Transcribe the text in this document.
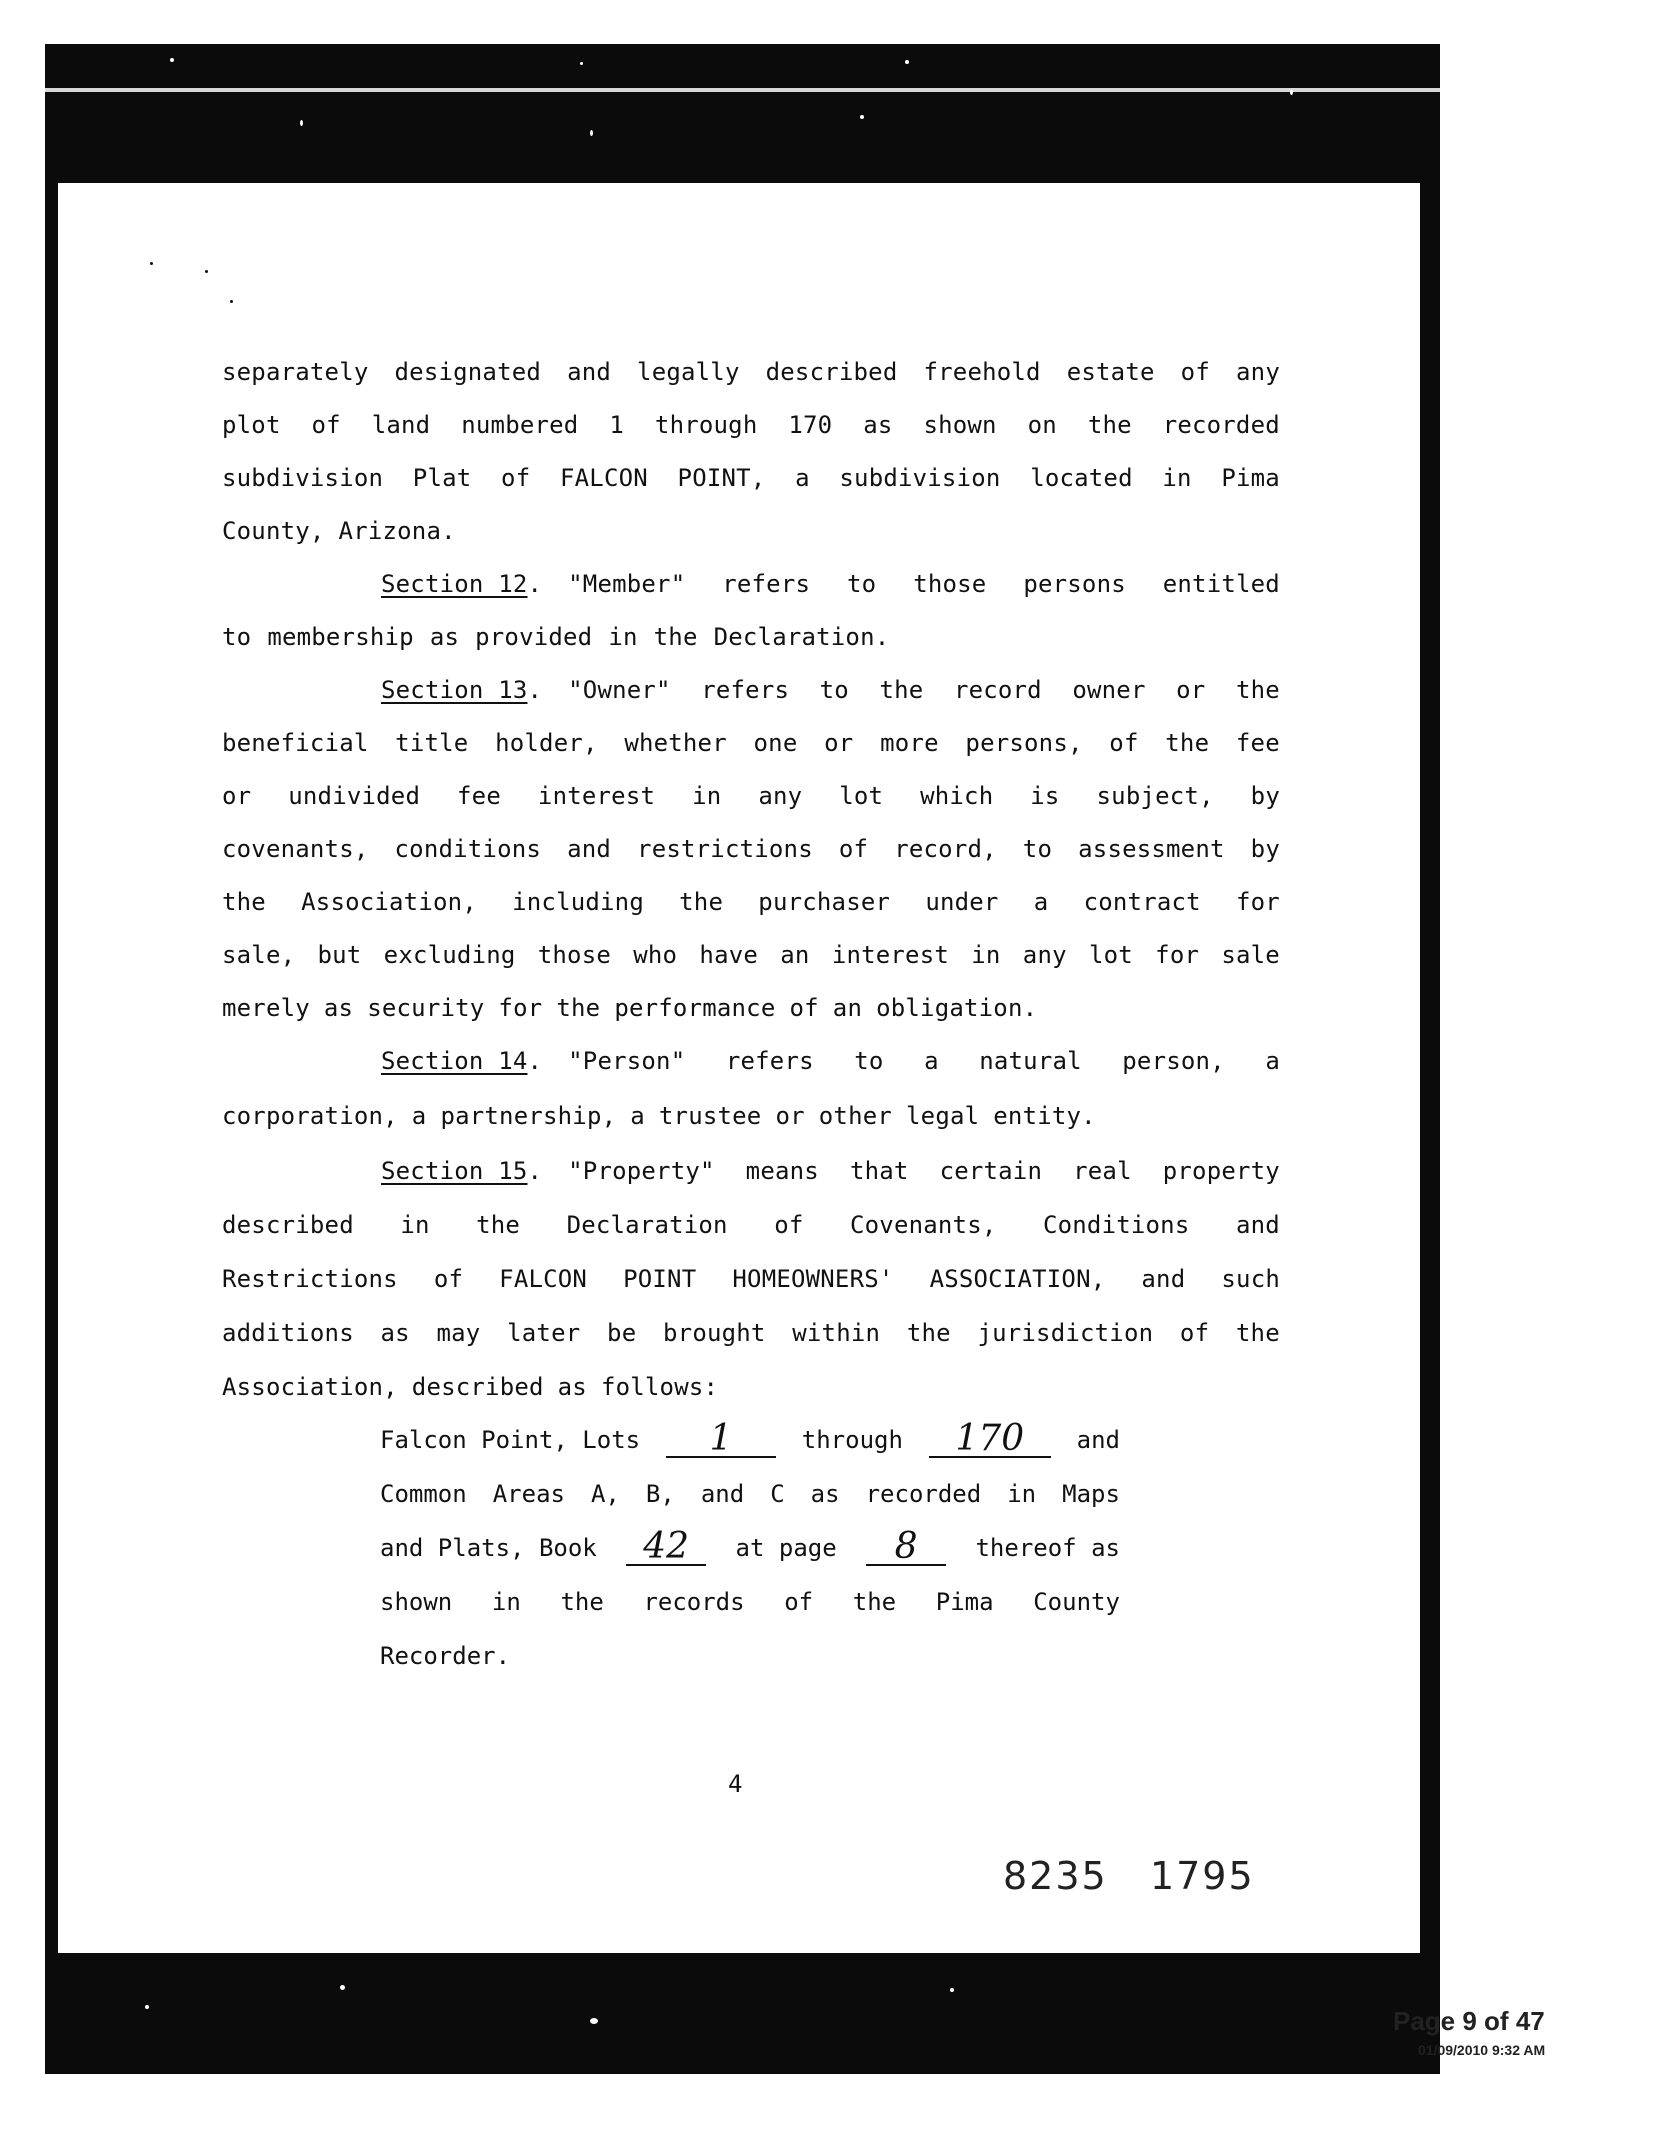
separately designated and legally described freehold estate of any
plot of land numbered 1 through 170 as shown on the recorded
subdivision Plat of FALCON POINT, a subdivision located in Pima
County, Arizona.
Section 12. "Member" refers to those persons entitled
to membership as provided in the Declaration.
Section 13. "Owner" refers to the record owner or the
beneficial title holder, whether one or more persons, of the fee
or undivided fee interest in any lot which is subject, by
covenants, conditions and restrictions of record, to assessment by
the Association, including the purchaser under a contract for
sale, but excluding those who have an interest in any lot for sale
merely as security for the performance of an obligation.
Section 14. "Person" refers to a natural person, a
corporation, a partnership, a trustee or other legal entity.
Section 15. "Property" means that certain real property
described in the Declaration of Covenants, Conditions and
Restrictions of FALCON POINT HOMEOWNERS' ASSOCIATION, and such
additions as may later be brought within the jurisdiction of the
Association, described as follows:
Falcon Point, Lots	1	through	170	and
Common Areas A, B, and C as recorded in Maps
and Plats, Book	42	at page	8	thereof as
shown in the records of the Pima County
Recorder.
4
8235   1795
Page 9 of 47
01/09/2010 9:32 AM
